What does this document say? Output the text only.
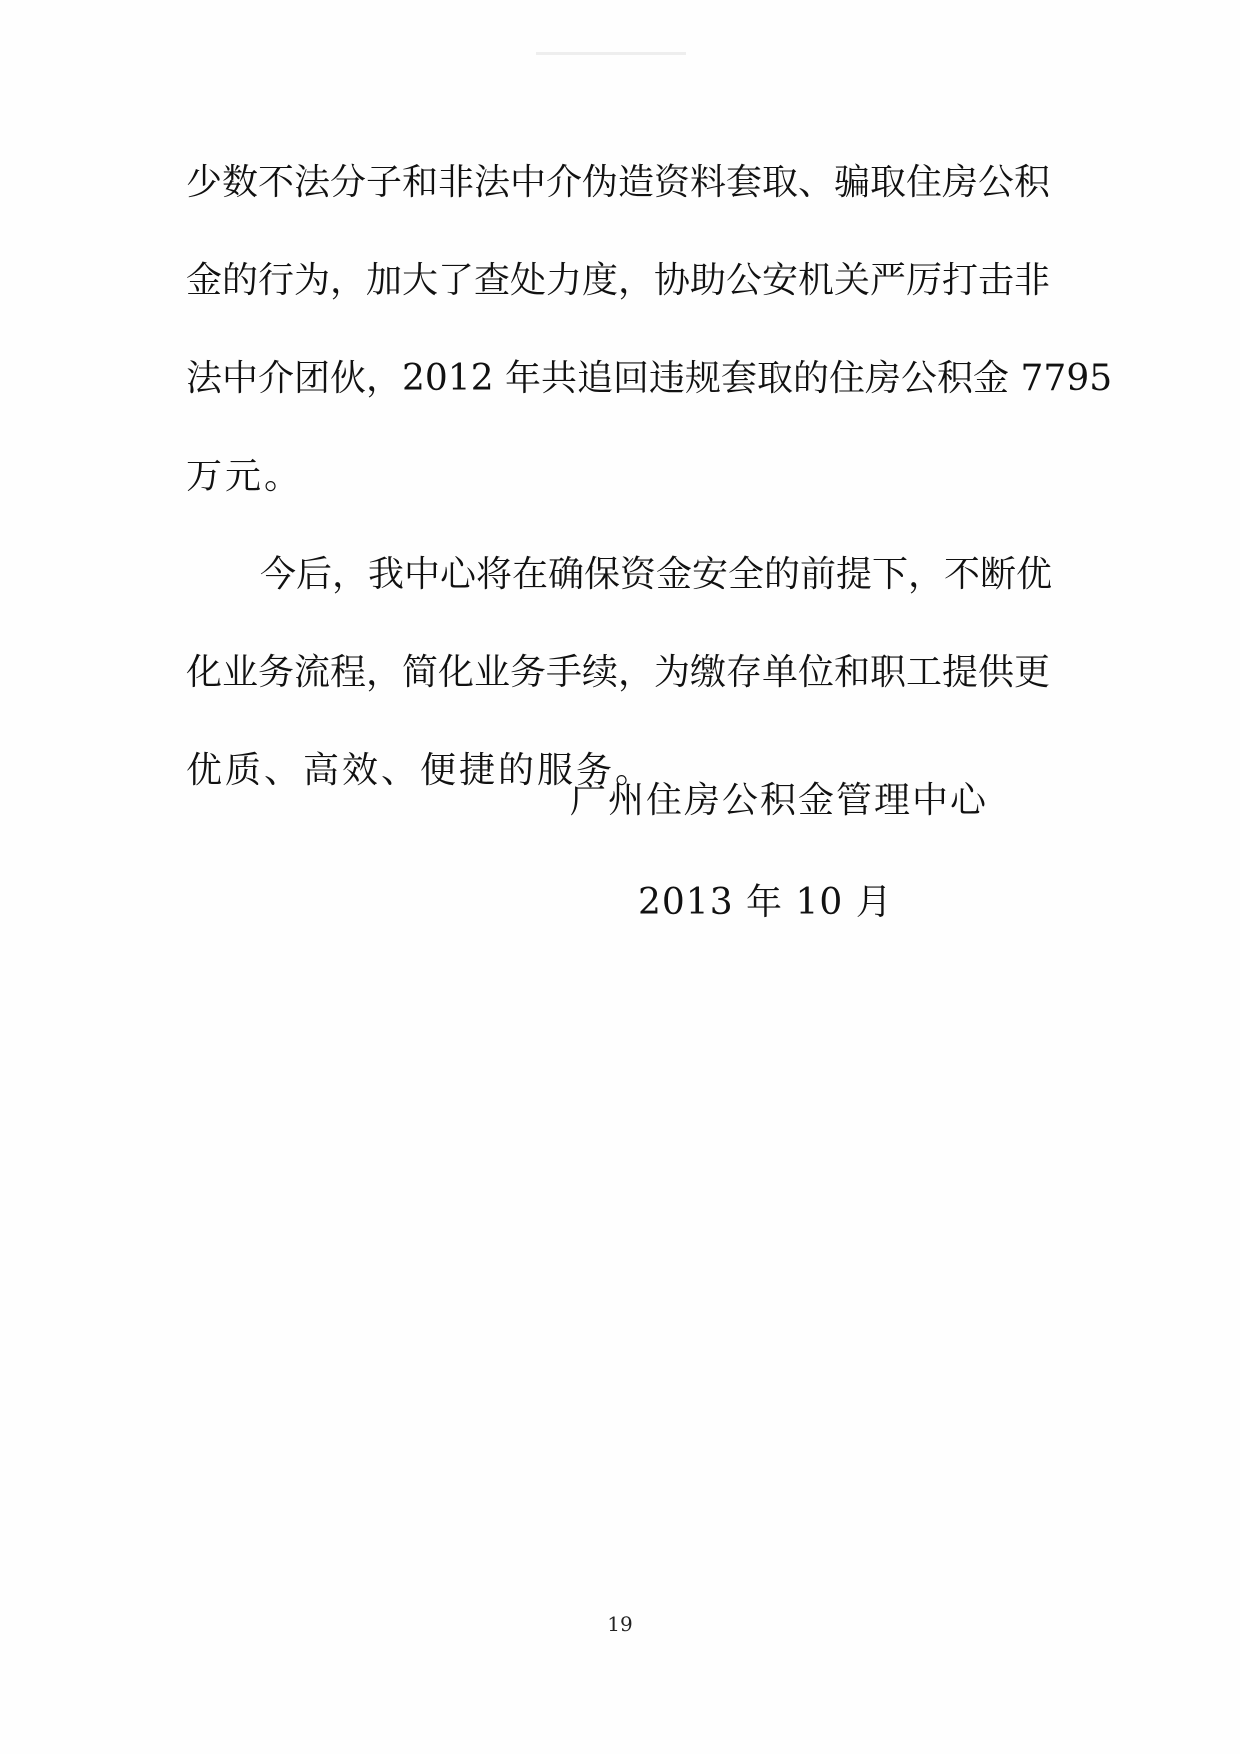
少数不法分子和非法中介伪造资料套取、骗取住房公积
金的行为，加大了查处力度，协助公安机关严厉打击非
法中介团伙，2012 年共追回违规套取的住房公积金 7795
万元。
今后，我中心将在确保资金安全的前提下，不断优
化业务流程，简化业务手续，为缴存单位和职工提供更
优质、高效、便捷的服务。
广州住房公积金管理中心
2013 年 10 月
19
